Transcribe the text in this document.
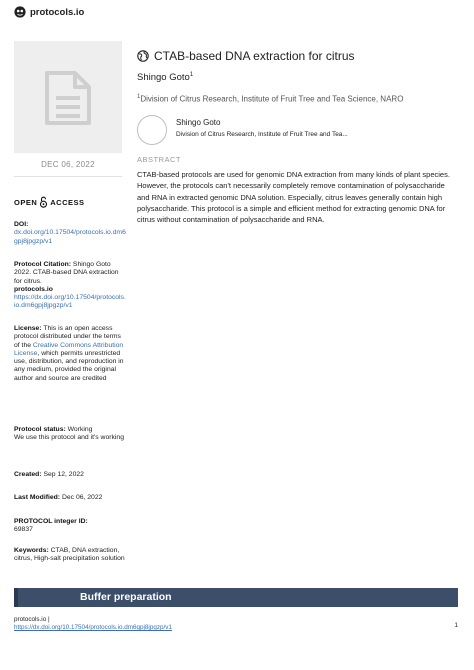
protocols.io
DEC 06, 2022
OPEN ACCESS
DOI:
dx.doi.org/10.17504/protocols.io.dm6gpj8jpgzp/v1
Protocol Citation: Shingo Goto 2022. CTAB-based DNA extraction for citrus.
protocols.io
https://dx.doi.org/10.17504/protocols.io.dm6gpj8jpgzp/v1
License: This is an open access protocol distributed under the terms of the Creative Commons Attribution License, which permits unrestricted use, distribution, and reproduction in any medium, provided the original author and source are credited
Protocol status: Working
We use this protocol and it's working
Created: Sep 12, 2022
Last Modified: Dec 06, 2022
PROTOCOL integer ID:
69837
Keywords: CTAB, DNA extraction, citrus, High-salt precipitation solution
CTAB-based DNA extraction for citrus
Shingo Goto$^1$
$^1$Division of Citrus Research, Institute of Fruit Tree and Tea Science, NARO
Shingo Goto
Division of Citrus Research, Institute of Fruit Tree and Tea...
ABSTRACT
CTAB-based protocols are used for genomic DNA extraction from many kinds of plant species. However, the protocols can't necessarily completely remove contamination of polysaccharide and RNA in extracted genomic DNA solution. Especially, citrus leaves generally contain high polysaccharide. This protocol is a simple and efficient method for extracting genomic DNA for citrus without contamination of polysaccharide and RNA.
Buffer preparation
protocols.io |
https://dx.doi.org/10.17504/protocols.io.dm6gpj8jpgzp/v1	1
